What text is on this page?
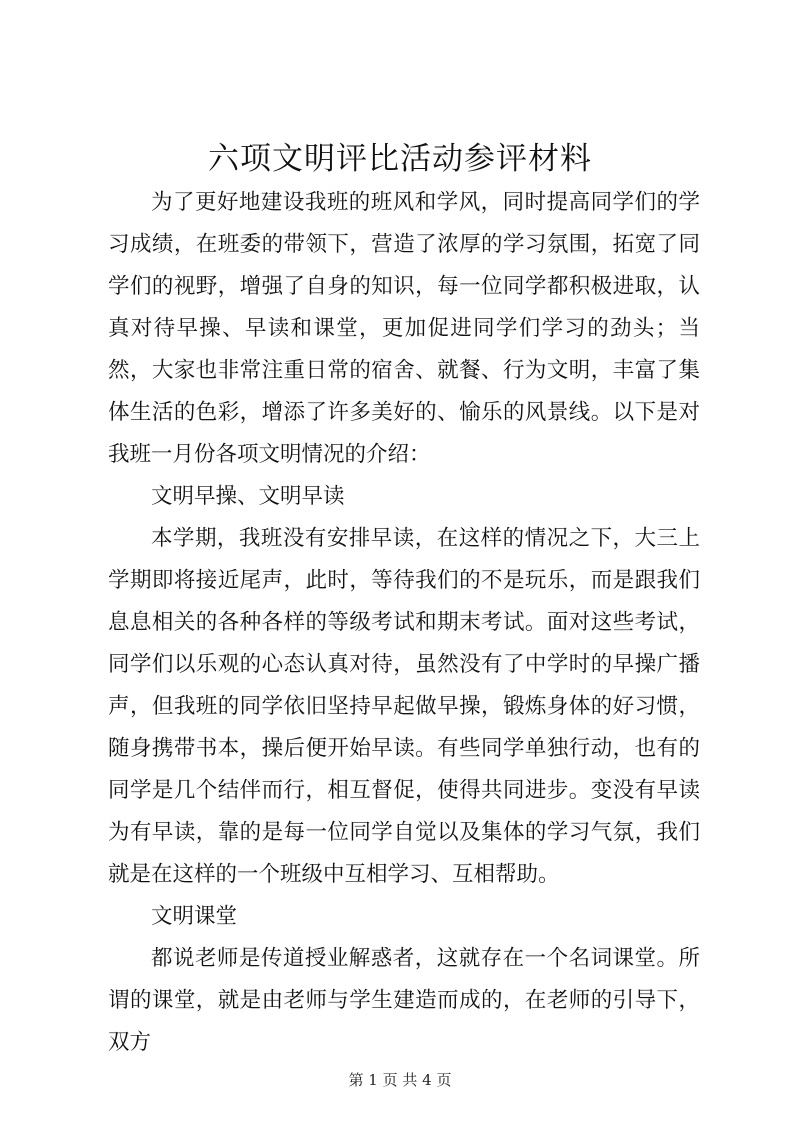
六项文明评比活动参评材料

为了更好地建设我班的班风和学风，同时提高同学们的学习成绩，在班委的带领下，营造了浓厚的学习氛围，拓宽了同学们的视野，增强了自身的知识，每一位同学都积极进取，认真对待早操、早读和课堂，更加促进同学们学习的劲头；当然，大家也非常注重日常的宿舍、就餐、行为文明，丰富了集体生活的色彩，增添了许多美好的、愉乐的风景线。以下是对我班一月份各项文明情况的介绍：

文明早操、文明早读

本学期，我班没有安排早读，在这样的情况之下，大三上学期即将接近尾声，此时，等待我们的不是玩乐，而是跟我们息息相关的各种各样的等级考试和期末考试。面对这些考试，同学们以乐观的心态认真对待，虽然没有了中学时的早操广播声，但我班的同学依旧坚持早起做早操，锻炼身体的好习惯，随身携带书本，操后便开始早读。有些同学单独行动，也有的同学是几个结伴而行，相互督促，使得共同进步。变没有早读为有早读，靠的是每一位同学自觉以及集体的学习气氛，我们就是在这样的一个班级中互相学习、互相帮助。

文明课堂

都说老师是传道授业解惑者，这就存在一个名词课堂。所谓的课堂，就是由老师与学生建造而成的，在老师的引导下，双方

第 1 页 共 4 页
